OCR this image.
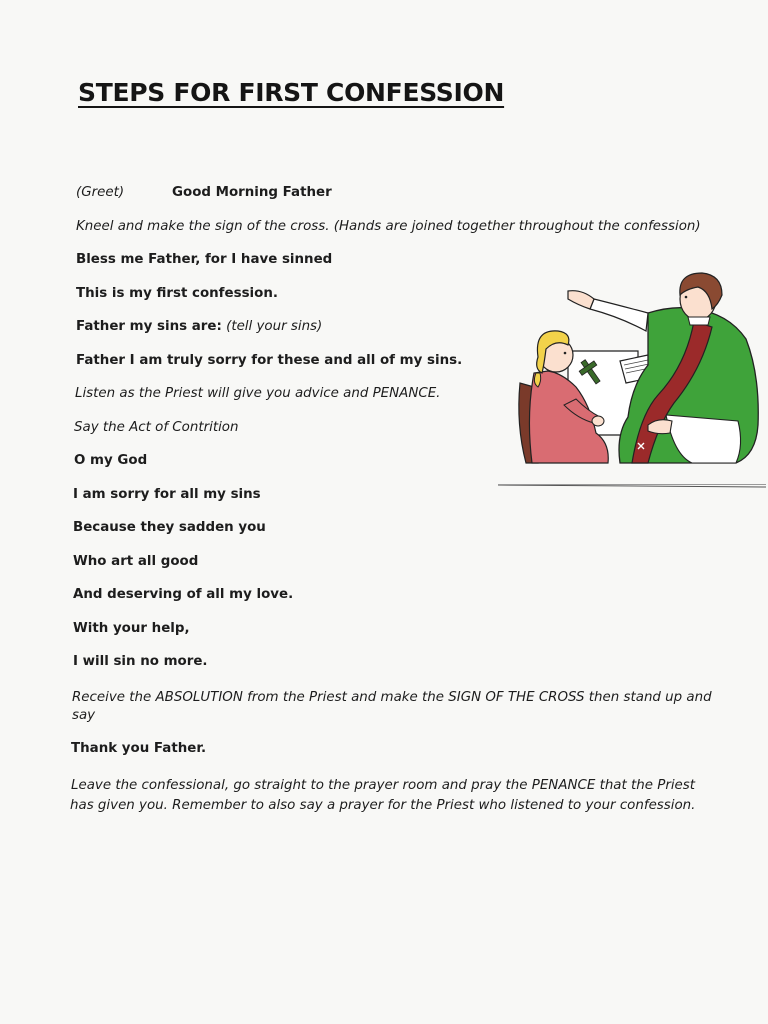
STEPS FOR FIRST CONFESSION
(Greet)	Good Morning Father
Kneel and make the sign of the cross. (Hands are joined together throughout the confession)
Bless me Father, for I have sinned
This is my first confession.
Father my sins are: (tell your sins)
Father I am truly sorry for these and all of my sins.
Listen as the Priest will give you advice and PENANCE.
Say the Act of Contrition
O my God
I am sorry for all my sins
Because they sadden you
Who art all good
And deserving of all my love.
With your help,
I will sin no more.
Receive the ABSOLUTION from the Priest and make the SIGN OF THE CROSS then stand up and
say
Thank you Father.
Leave the confessional, go straight to the prayer room and pray the PENANCE that the Priest
has given you. Remember to also say a prayer for the Priest who listened to your confession.
